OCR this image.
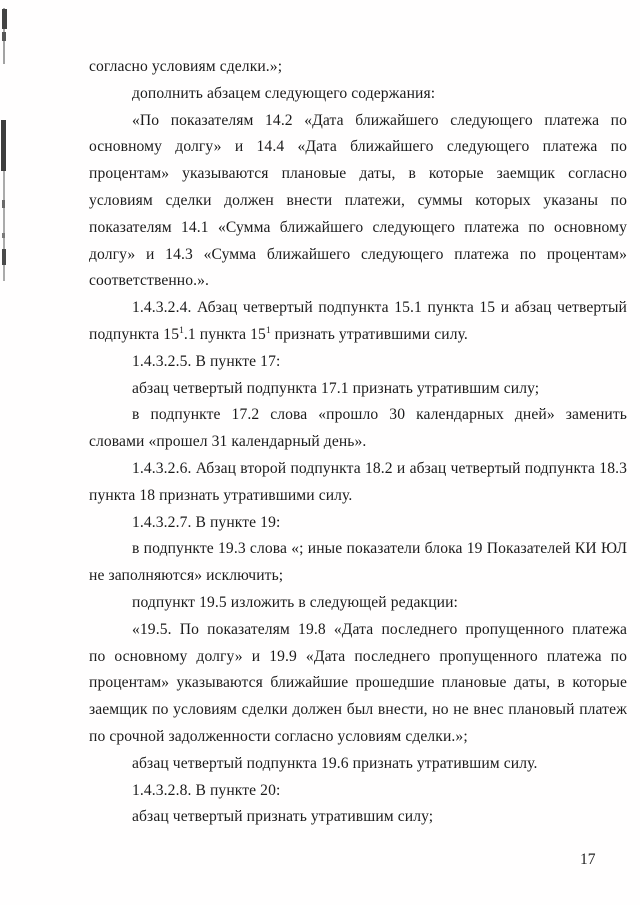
согласно условиям сделки.»;
дополнить абзацем следующего содержания:
«По показателям 14.2 «Дата ближайшего следующего платежа по
основному долгу» и 14.4 «Дата ближайшего следующего платежа по
процентам» указываются плановые даты, в которые заемщик согласно
условиям сделки должен внести платежи, суммы которых указаны по
показателям 14.1 «Сумма ближайшего следующего платежа по основному
долгу» и 14.3 «Сумма ближайшего следующего платежа по процентам»
соответственно.».
1.4.3.2.4. Абзац четвертый подпункта 15.1 пункта 15 и абзац четвертый
подпункта $15^1.1$ пункта $15^1$ признать утратившими силу.
1.4.3.2.5. В пункте 17:
абзац четвертый подпункта 17.1 признать утратившим силу;
в подпункте 17.2 слова «прошло 30 календарных дней» заменить
словами «прошел 31 календарный день».
1.4.3.2.6. Абзац второй подпункта 18.2 и абзац четвертый подпункта 18.3
пункта 18 признать утратившими силу.
1.4.3.2.7. В пункте 19:
в подпункте 19.3 слова «; иные показатели блока 19 Показателей КИ ЮЛ
не заполняются» исключить;
подпункт 19.5 изложить в следующей редакции:
«19.5. По показателям 19.8 «Дата последнего пропущенного платежа
по основному долгу» и 19.9 «Дата последнего пропущенного платежа по
процентам» указываются ближайшие прошедшие плановые даты, в которые
заемщик по условиям сделки должен был внести, но не внес плановый платеж
по срочной задолженности согласно условиям сделки.»;
абзац четвертый подпункта 19.6 признать утратившим силу.
1.4.3.2.8. В пункте 20:
абзац четвертый признать утратившим силу;
17
